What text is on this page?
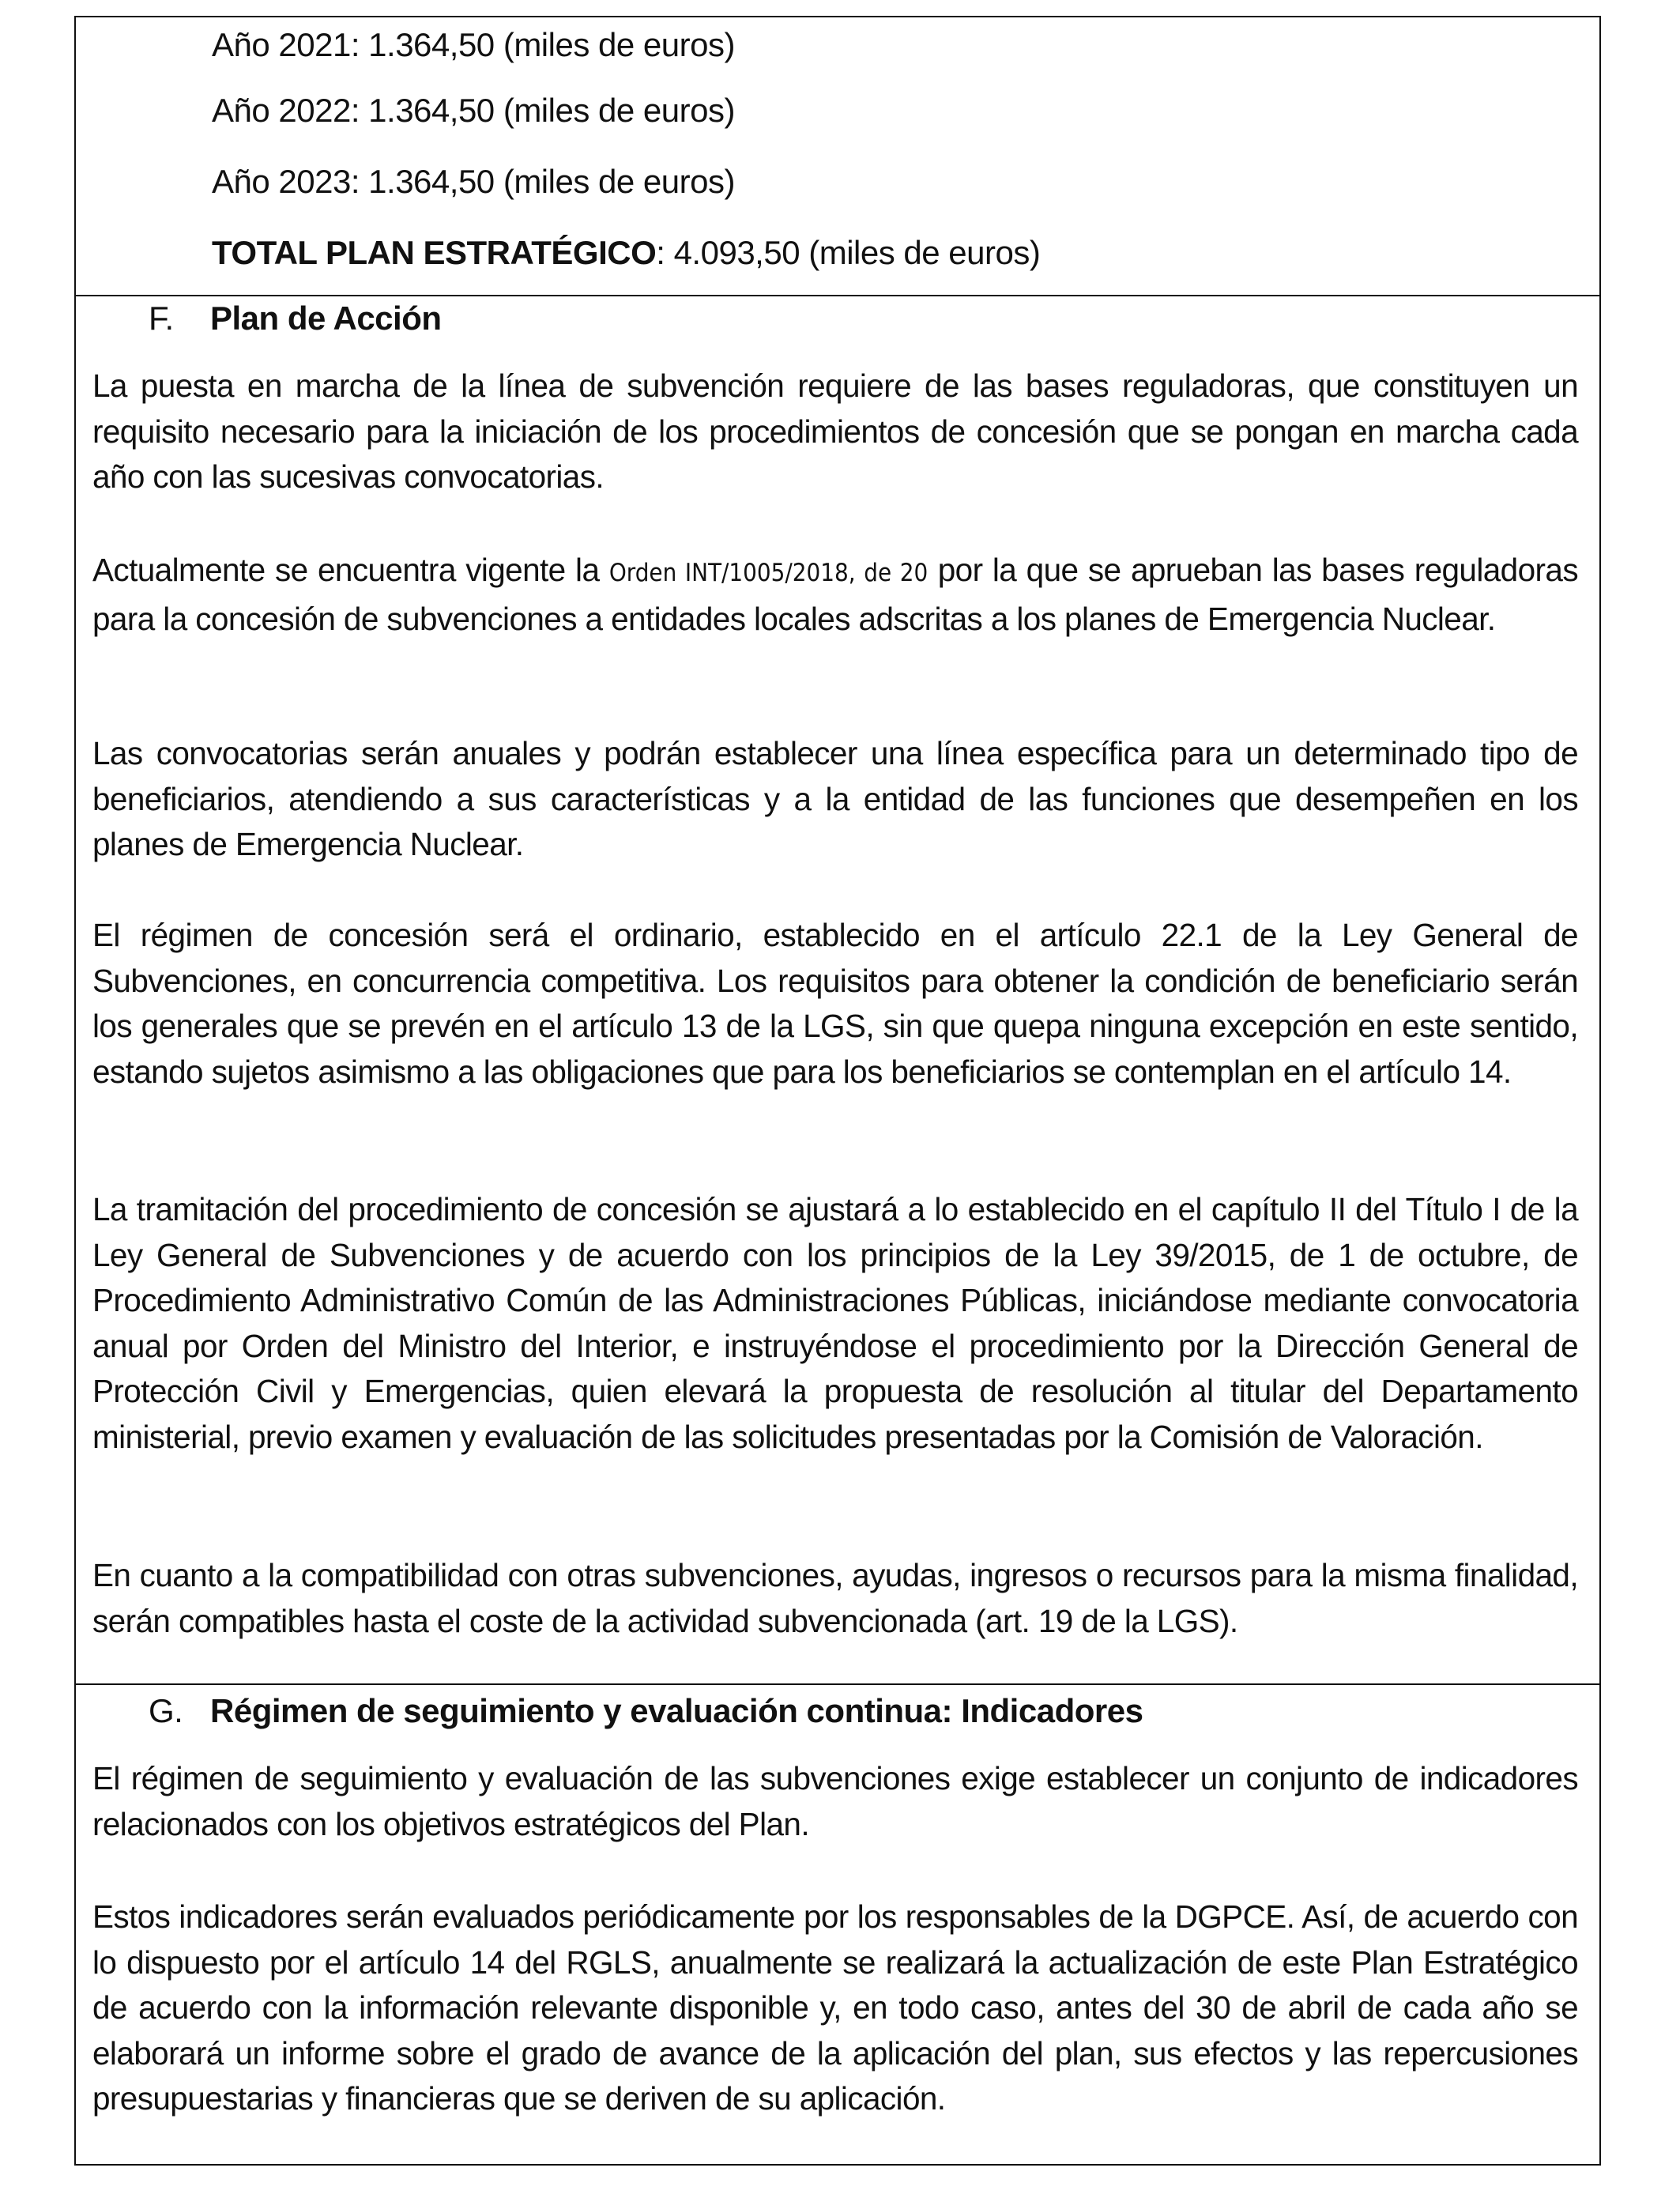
Año 2021: 1.364,50 (miles de euros)
Año 2022: 1.364,50 (miles de euros)
Año 2023: 1.364,50 (miles de euros)
TOTAL PLAN ESTRATÉGICO: 4.093,50 (miles de euros)
F. Plan de Acción
La puesta en marcha de la línea de subvención requiere de las bases reguladoras, que constituyen un requisito necesario para la iniciación de los procedimientos de concesión que se pongan en marcha cada año con las sucesivas convocatorias.
Actualmente se encuentra vigente la Orden INT/1005/2018, de 20 por la que se aprueban las bases reguladoras para la concesión de subvenciones a entidades locales adscritas a los planes de Emergencia Nuclear.
Las convocatorias serán anuales y podrán establecer una línea específica para un determinado tipo de beneficiarios, atendiendo a sus características y a la entidad de las funciones que desempeñen en los planes de Emergencia Nuclear.
El régimen de concesión será el ordinario, establecido en el artículo 22.1 de la Ley General de Subvenciones, en concurrencia competitiva. Los requisitos para obtener la condición de beneficiario serán los generales que se prevén en el artículo 13 de la LGS, sin que quepa ninguna excepción en este sentido, estando sujetos asimismo a las obligaciones que para los beneficiarios se contemplan en el artículo 14.
La tramitación del procedimiento de concesión se ajustará a lo establecido en el capítulo II del Título I de la Ley General de Subvenciones y de acuerdo con los principios de la Ley 39/2015, de 1 de octubre, de Procedimiento Administrativo Común de las Administraciones Públicas, iniciándose mediante convocatoria anual por Orden del Ministro del Interior, e instruyéndose el procedimiento por la Dirección General de Protección Civil y Emergencias, quien elevará la propuesta de resolución al titular del Departamento ministerial, previo examen y evaluación de las solicitudes presentadas por la Comisión de Valoración.
En cuanto a la compatibilidad con otras subvenciones, ayudas, ingresos o recursos para la misma finalidad, serán compatibles hasta el coste de la actividad subvencionada (art. 19 de la LGS).
G. Régimen de seguimiento y evaluación continua: Indicadores
El régimen de seguimiento y evaluación de las subvenciones exige establecer un conjunto de indicadores relacionados con los objetivos estratégicos del Plan.
Estos indicadores serán evaluados periódicamente por los responsables de la DGPCE. Así, de acuerdo con lo dispuesto por el artículo 14 del RGLS, anualmente se realizará la actualización de este Plan Estratégico de acuerdo con la información relevante disponible y, en todo caso, antes del 30 de abril de cada año se elaborará un informe sobre el grado de avance de la aplicación del plan, sus efectos y las repercusiones presupuestarias y financieras que se deriven de su aplicación.
